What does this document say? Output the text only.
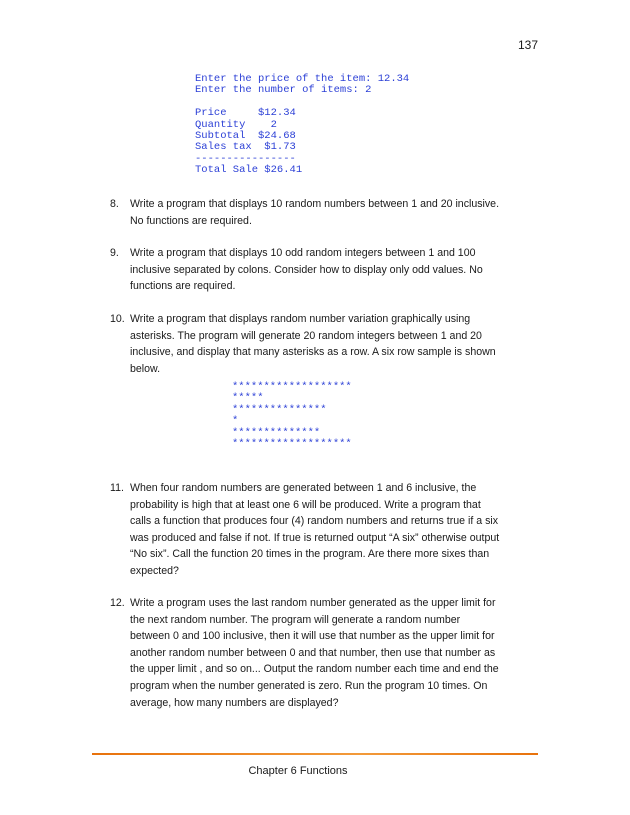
137
Enter the price of the item: 12.34
Enter the number of items: 2

Price     $12.34
Quantity    2
Subtotal  $24.68
Sales tax  $1.73
----------------
Total Sale $26.41
8. Write a program that displays 10 random numbers between 1 and 20 inclusive. No functions are required.
9. Write a program that displays 10 odd random integers between 1 and 100 inclusive separated by colons. Consider how to display only odd values. No functions are required.
10. Write a program that displays random number variation graphically using asterisks. The program will generate 20 random integers between 1 and 20 inclusive, and display that many asterisks as a row. A six row sample is shown below.
*******************
*****
***************
*
**************
*******************
11. When four random numbers are generated between 1 and 6 inclusive, the probability is high that at least one 6 will be produced. Write a program that calls a function that produces four (4) random numbers and returns true if a six was produced and false if not. If true is returned output “A six” otherwise output “No six”. Call the function 20 times in the program. Are there more sixes than expected?
12. Write a program uses the last random number generated as the upper limit for the next random number. The program will generate a random number between 0 and 100 inclusive, then it will use that number as the upper limit for another random number between 0 and that number, then use that number as the upper limit , and so on... Output the random number each time and end the program when the number generated is zero. Run the program 10 times. On average, how many numbers are displayed?
Chapter 6 Functions
